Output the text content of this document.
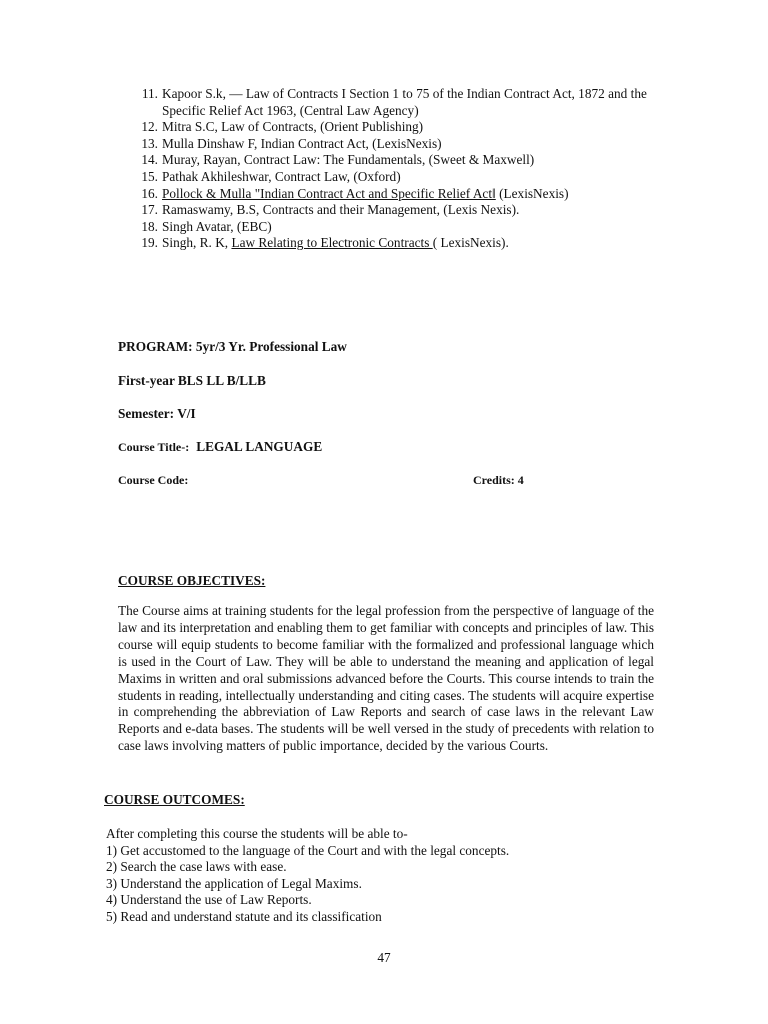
11. Kapoor S.k, — Law of Contracts I Section 1 to 75 of the Indian Contract Act, 1872 and the Specific Relief Act 1963, (Central Law Agency)
12. Mitra S.C, Law of Contracts, (Orient Publishing)
13. Mulla Dinshaw F, Indian Contract Act, (LexisNexis)
14. Muray, Rayan, Contract Law: The Fundamentals, (Sweet & Maxwell)
15. Pathak Akhileshwar, Contract Law, (Oxford)
16. Pollock & Mulla "Indian Contract Act and Specific Relief Actǁ (LexisNexis)
17. Ramaswamy, B.S, Contracts and their Management, (Lexis Nexis).
18. Singh Avatar, (EBC)
19. Singh, R. K, Law Relating to Electronic Contracts ( LexisNexis).
PROGRAM: 5yr/3 Yr. Professional Law
First-year BLS LL B/LLB
Semester: V/I
Course Title-: LEGAL LANGUAGE
Course Code:	Credits: 4
COURSE OBJECTIVES:
The Course aims at training students for the legal profession from the perspective of language of the law and its interpretation and enabling them to get familiar with concepts and principles of law. This course will equip students to become familiar with the formalized and professional language which is used in the Court of Law. They will be able to understand the meaning and application of legal Maxims in written and oral submissions advanced before the Courts. This course intends to train the students in reading, intellectually understanding and citing cases. The students will acquire expertise in comprehending the abbreviation of Law Reports and search of case laws in the relevant Law Reports and e-data bases. The students will be well versed in the study of precedents with relation to case laws involving matters of public importance, decided by the various Courts.
COURSE OUTCOMES:
After completing this course the students will be able to-
1) Get accustomed to the language of the Court and with the legal concepts.
2) Search the case laws with ease.
3) Understand the application of Legal Maxims.
4) Understand the use of Law Reports.
5) Read and understand statute and its classification
47
